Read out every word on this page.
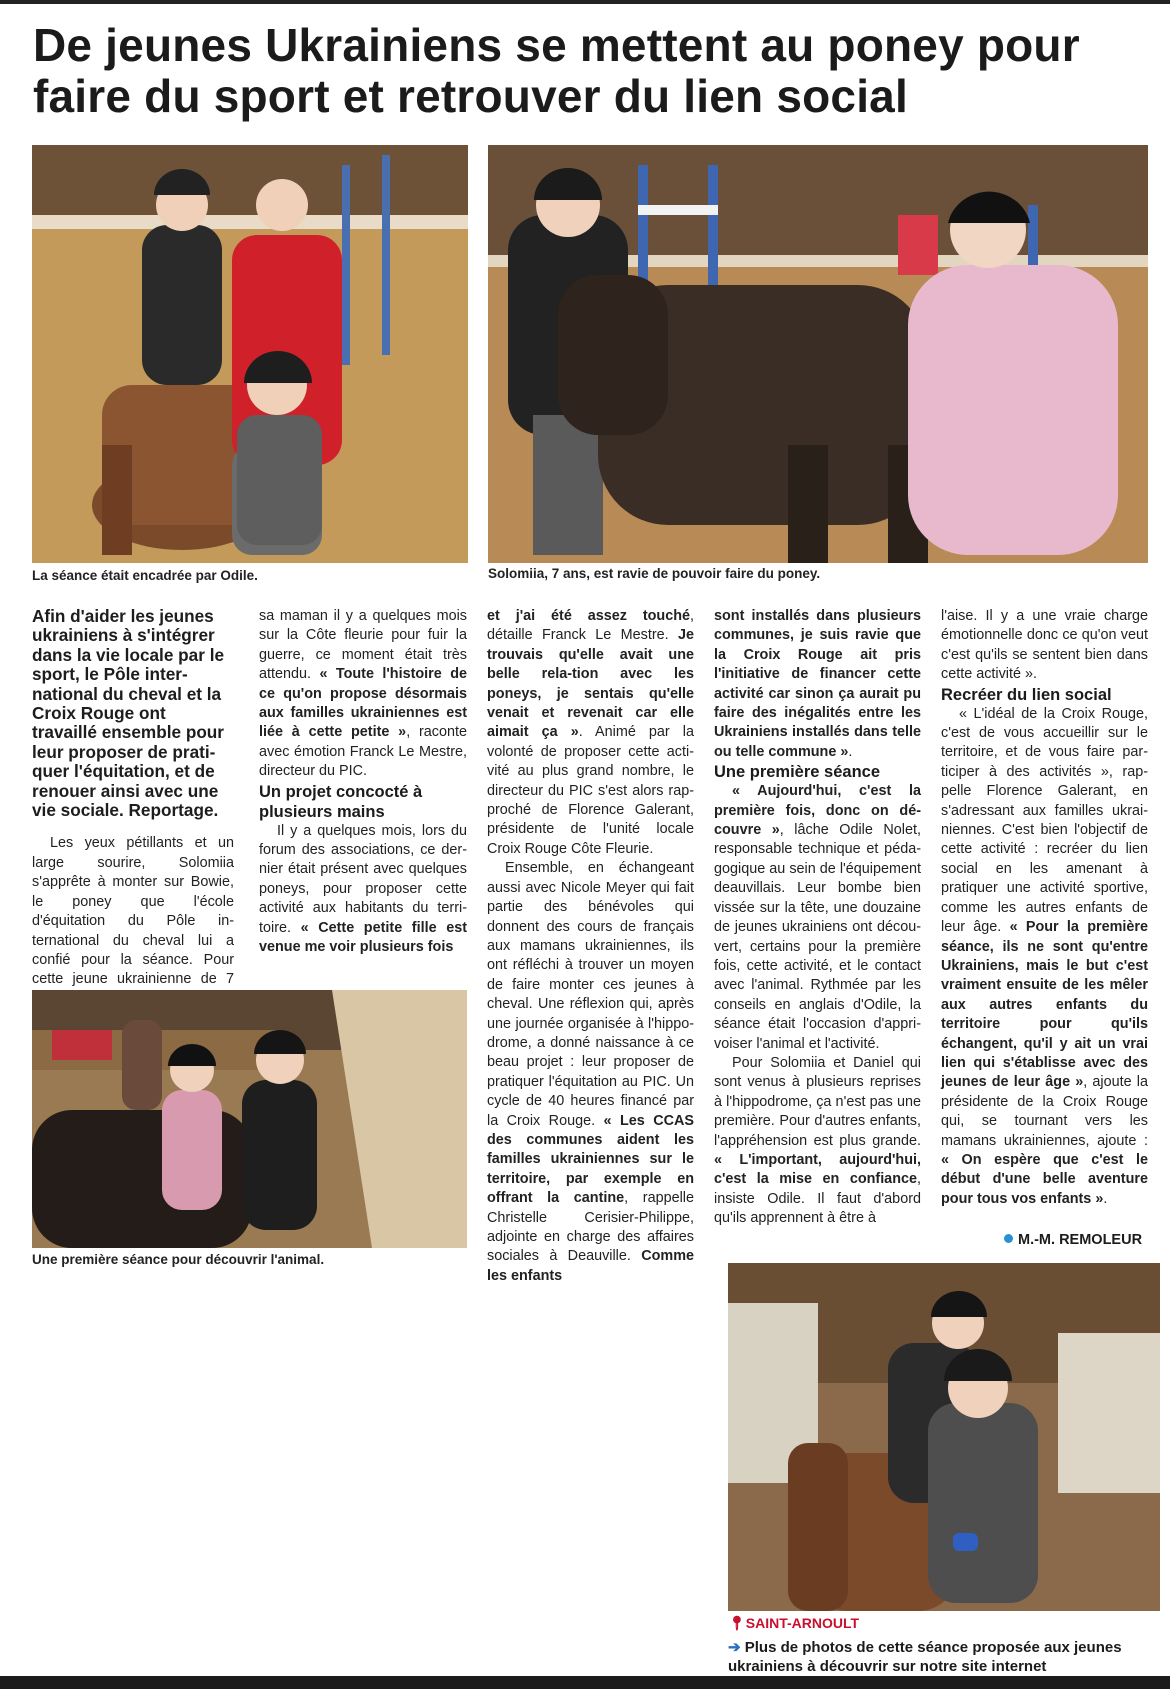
De jeunes Ukrainiens se mettent au poney pour faire du sport et retrouver du lien social
La séance était encadrée par Odile.	Solomiia, 7 ans, est ravie de pouvoir faire du poney.

Afin d'aider les jeunes ukrainiens à s'intégrer dans la vie locale par le sport, le Pôle inter-national du cheval et la Croix Rouge ont travaillé ensemble pour leur proposer de prati-quer l'équitation, et de renouer ainsi avec une vie sociale. Reportage.

Les yeux pétillants et un large sourire, Solomiia s'apprête à monter sur Bowie, le poney que l'école d'équitation du Pôle in-ternational du cheval lui a confié pour la séance. Pour cette jeune ukrainienne de 7

sa maman il y a quelques mois sur la Côte fleurie pour fuir la guerre, ce moment était très attendu. « Toute l'histoire de ce qu'on propose désormais aux familles ukrainiennes est liée à cette petite », raconte avec émotion Franck Le Mestre, directeur du PIC.

Un projet concocté à plusieurs mains

Il y a quelques mois, lors du forum des associations, ce der-nier était présent avec quelques poneys, pour proposer cette activité aux habitants du terri-toire. « Cette petite fille est venue me voir plusieurs fois

Une première séance pour découvrir l'animal.

et j'ai été assez touché, détaille Franck Le Mestre. Je trouvais qu'elle avait une belle rela-tion avec les poneys, je sentais qu'elle venait et revenait car elle aimait ça ». Animé par la volonté de proposer cette acti-vité au plus grand nombre, le directeur du PIC s'est alors rap-proché de Florence Galerant, présidente de l'unité locale Croix Rouge Côte Fleurie.

Ensemble, en échangeant aussi avec Nicole Meyer qui fait partie des bénévoles qui donnent des cours de français aux mamans ukrainiennes, ils ont réfléchi à trouver un moyen de faire monter ces jeunes à cheval. Une réflexion qui, après une journée organisée à l'hippo-drome, a donné naissance à ce beau projet : leur proposer de pratiquer l'équitation au PIC. Un cycle de 40 heures financé par la Croix Rouge. « Les CCAS des communes aident les familles ukrainiennes sur le territoire, par exemple en offrant la cantine, rappelle Christelle Cerisier-Philippe, adjointe en charge des affaires sociales à Deauville. Comme les enfants

sont installés dans plusieurs communes, je suis ravie que la Croix Rouge ait pris l'initiative de financer cette activité car sinon ça aurait pu faire des inégalités entre les Ukrainiens installés dans telle ou telle commune ».

Une première séance

« Aujourd'hui, c'est la première fois, donc on dé-couvre », lâche Odile Nolet, responsable technique et péda-gogique au sein de l'équipement deauvillais. Leur bombe bien vissée sur la tête, une douzaine de jeunes ukrainiens ont décou-vert, certains pour la première fois, cette activité, et le contact avec l'animal. Rythmée par les conseils en anglais d'Odile, la séance était l'occasion d'appri-voiser l'animal et l'activité.

Pour Solomiia et Daniel qui sont venus à plusieurs reprises à l'hippodrome, ça n'est pas une première. Pour d'autres enfants, l'appréhension est plus grande. « L'important, aujourd'hui, c'est la mise en confiance, insiste Odile. Il faut d'abord qu'ils apprennent à être à

l'aise. Il y a une vraie charge émotionnelle donc ce qu'on veut c'est qu'ils se sentent bien dans cette activité ».

Recréer du lien social

« L'idéal de la Croix Rouge, c'est de vous accueillir sur le territoire, et de vous faire par-ticiper à des activités », rap-pelle Florence Galerant, en s'adressant aux familles ukrai-niennes. C'est bien l'objectif de cette activité : recréer du lien social en les amenant à pratiquer une activité sportive, comme les autres enfants de leur âge. « Pour la première séance, ils ne sont qu'entre Ukrainiens, mais le but c'est vraiment ensuite de les mêler aux autres enfants du territoire pour qu'ils échangent, qu'il y ait un vrai lien qui s'établisse avec des jeunes de leur âge », ajoute la présidente de la Croix Rouge qui, se tournant vers les mamans ukrainiennes, ajoute : « On espère que c'est le début d'une belle aventure pour tous vos enfants ».

M.-M. REMOLEUR
📍︎SAINT-ARNOULT
➔ Plus de photos de cette séance proposée aux jeunes ukrainiens à découvrir sur notre site internet
